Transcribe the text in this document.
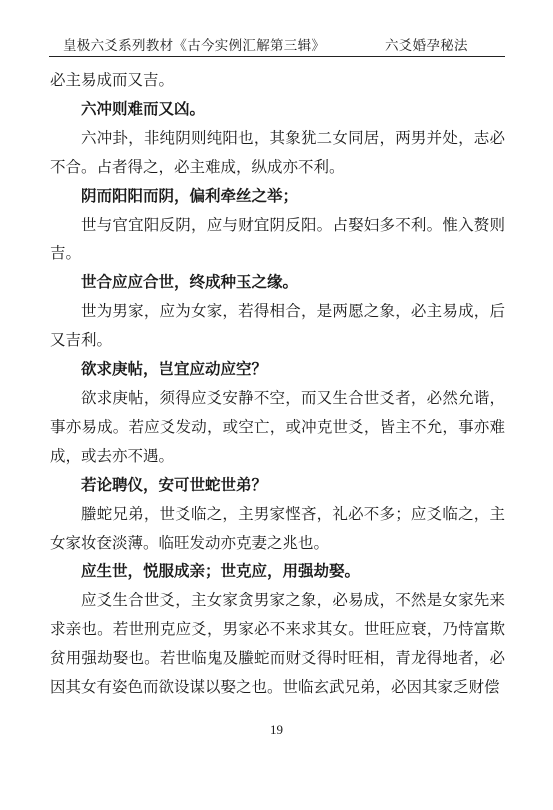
皇极六爻系列教材《古今实例汇解第三辑》	六爻婚孕秘法

必主易成而又吉。

六冲则难而又凶。

六冲卦，非纯阴则纯阳也，其象犹二女同居，两男并处，志必不合。占者得之，必主难成，纵成亦不利。

阴而阳阳而阴，偏利牵丝之举；

世与官宜阳反阴，应与财宜阴反阳。占娶妇多不利。惟入赘则吉。

世合应应合世，终成种玉之缘。

世为男家，应为女家，若得相合，是两愿之象，必主易成，后又吉利。

欲求庚帖，岂宜应动应空？

欲求庚帖，须得应爻安静不空，而又生合世爻者，必然允谐，事亦易成。若应爻发动，或空亡，或冲克世爻，皆主不允，事亦难成，或去亦不遇。

若论聘仪，安可世蛇世弟？

螣蛇兄弟，世爻临之，主男家悭吝，礼必不多；应爻临之，主女家妆奁淡薄。临旺发动亦克妻之兆也。

应生世，悦服成亲；世克应，用强劫娶。

应爻生合世爻，主女家贪男家之象，必易成，不然是女家先来求亲也。若世刑克应爻，男家必不来求其女。世旺应衰，乃恃富欺贫用强劫娶也。若世临鬼及螣蛇而财爻得时旺相，青龙得地者，必因其女有姿色而欲设谋以娶之也。世临玄武兄弟，必因其家乏财偿

19
